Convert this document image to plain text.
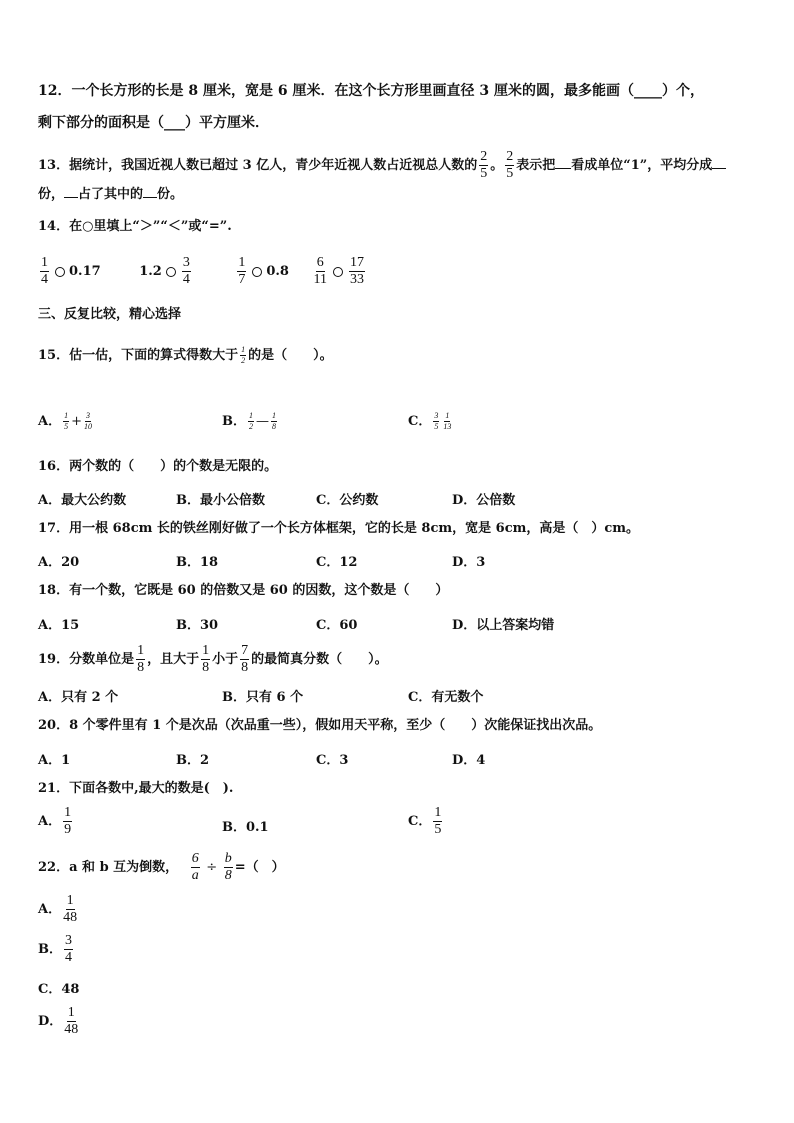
12．一个长方形的长是 8 厘米，宽是 6 厘米．在这个长方形里画直径 3 厘米的圆，最多能画（____）个，
剩下部分的面积是（___）平方厘米．
13．据统计，我国近视人数已超过 3 亿人，青少年近视人数占近视总人数的 $\frac{2}{5}$ 。 $\frac{2}{5}$ 表示把 看成单位“1”，平均分成
份， 占了其中的 份。
14．在○里填上“＞”“＜”或“=”.
$\frac{1}{4} 0.17$	$1.2 \frac{3}{4}$
	$\frac{1}{7} 0.8 \frac{6}{11} \frac{17}{33}$
三、反复比较，精心选择
15．估一估，下面的算式得数大于 $\frac{1}{2}$ 的是（　　）。
A． $\frac{1}{5} + \frac{3}{10}$	B． $\frac{1}{2}$ — $\frac{1}{8}$	C． $\frac{3}{5} \frac{1}{13}$
16．两个数的（　　）的个数是无限的。
A．最大公约数	B．最小公倍数	C．公约数	D．公倍数
17．用一根 68cm 长的铁丝刚好做了一个长方体框架，它的长是 8cm，宽是 6cm，高是（　）cm。
A．20	B．18	C．12	D．3
18．有一个数，它既是 60 的倍数又是 60 的因数，这个数是（　　）
A．15	B．30	C．60	D．以上答案均错
19．分数单位是 $\frac{1}{8}$ ，且大于 $\frac{1}{8}$ 小于 $\frac{7}{8}$ 的最简真分数（　　）。
A．只有 2 个	B．只有 6 个	C．有无数个
20．8 个零件里有 1 个是次品（次品重一些），假如用天平称，至少（　　）次能保证找出次品。
A．1	B．2	C．3	D．4
21．下面各数中,最大的数是(　).
A． $\frac{1}{9}$	B．0.1	C． $\frac{1}{5}$
22．a 和 b 互为倒数， $\frac{6}{a} \div \frac{b}{8}$ =（　）
A． $\frac{1}{48}$
B． $\frac{3}{4}$
C．48
D． $\frac{1}{48}$
